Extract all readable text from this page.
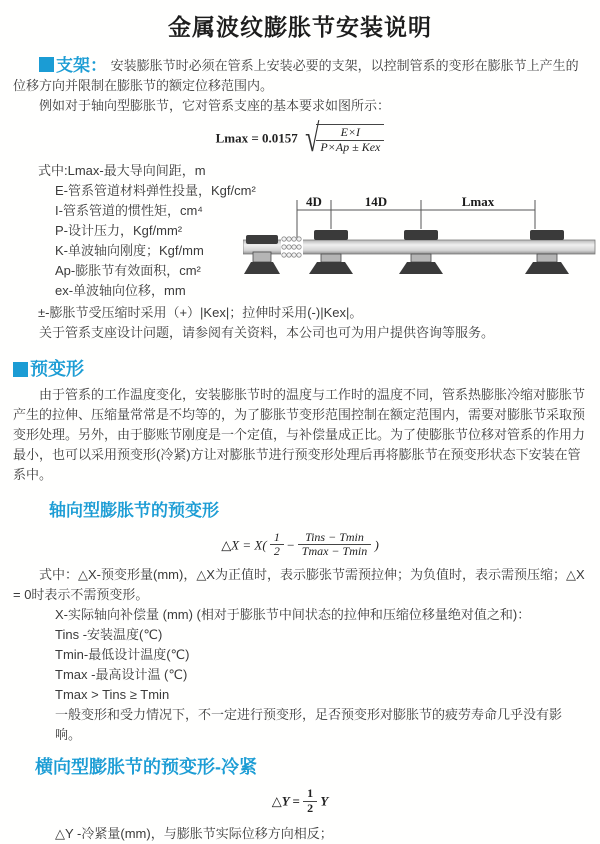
金属波纹膨胀节安装说明

支架： 安装膨胀节时必须在管系上安装必要的支架，以控制管系的变形在膨胀节上产生的位移方向并限制在膨胀节的额定位移范围内。

例如对于轴向型膨胀节，它对管系支座的基本要求如图所示：

Lmax = 0.0157 √
$\frac{E\times I}{\text{P×Ap ± Kex}}$
式中:Lmax-最大导向间距，m
E-管系管道材料弹性投量，Kgf/cm²
I-管系管道的惯性矩，cm⁴
P-设计压力，Kgf/mm²
K-单波轴向刚度；Kgf/mm
Ap-膨胀节有效面积，cm²
ex-单波轴向位移，mm
4D	14D	Lmax

±-膨胀节受压缩时采用（+）|Kex|；拉伸时采用(-)|Kex|。

关于管系支座设计问题，请参阅有关资料，本公司也可为用户提供咨询等服务。

预变形

由于管系的工作温度变化，安装膨胀节时的温度与工作时的温度不同，管系热膨胀冷缩对膨胀节产生的拉伸、压缩量常常是不均等的，为了膨胀节变形范围控制在额定范围内，需要对膨胀节采取预变形处理。另外，由于膨账节刚度是一个定值，与补偿量成正比。为了使膨胀节位移对管系的作用力最小，也可以采用预变形(冷紧)方让对膨胀节进行预变形处理后再将膨胀节在预变形状态下安装在管系中。

轴向型膨胀节的预变形
△X = $X( \frac{1}{2} - \frac{\text{Tins − Tmin}}{Tmax - Tmin}$ )

式中：△X-预变形量(mm)，△X为正值时，表示膨张节需预拉伸；为负值时，表示需预压缩；△X = 0时表示不需预变形。

X-实际轴向补偿量 (mm) (相对于膨胀节中间状态的拉伸和压缩位移量绝对值之和)：
Tins -安装温度(℃)
Tmin-最低设计温度(℃)
Tmax -最高设计温 (℃)
Tmax > Tins ≥ Tmin
一般变形和受力情况下，不一定进行预变形，足否预变形对膨胀节的疲劳寿命几乎没有影响。
横向型膨胀节的预变形-冷紧
△Y = $\frac{1}{2}$ Y
△Y -冷紧量(mm)，与膨胀节实际位移方向相反；
